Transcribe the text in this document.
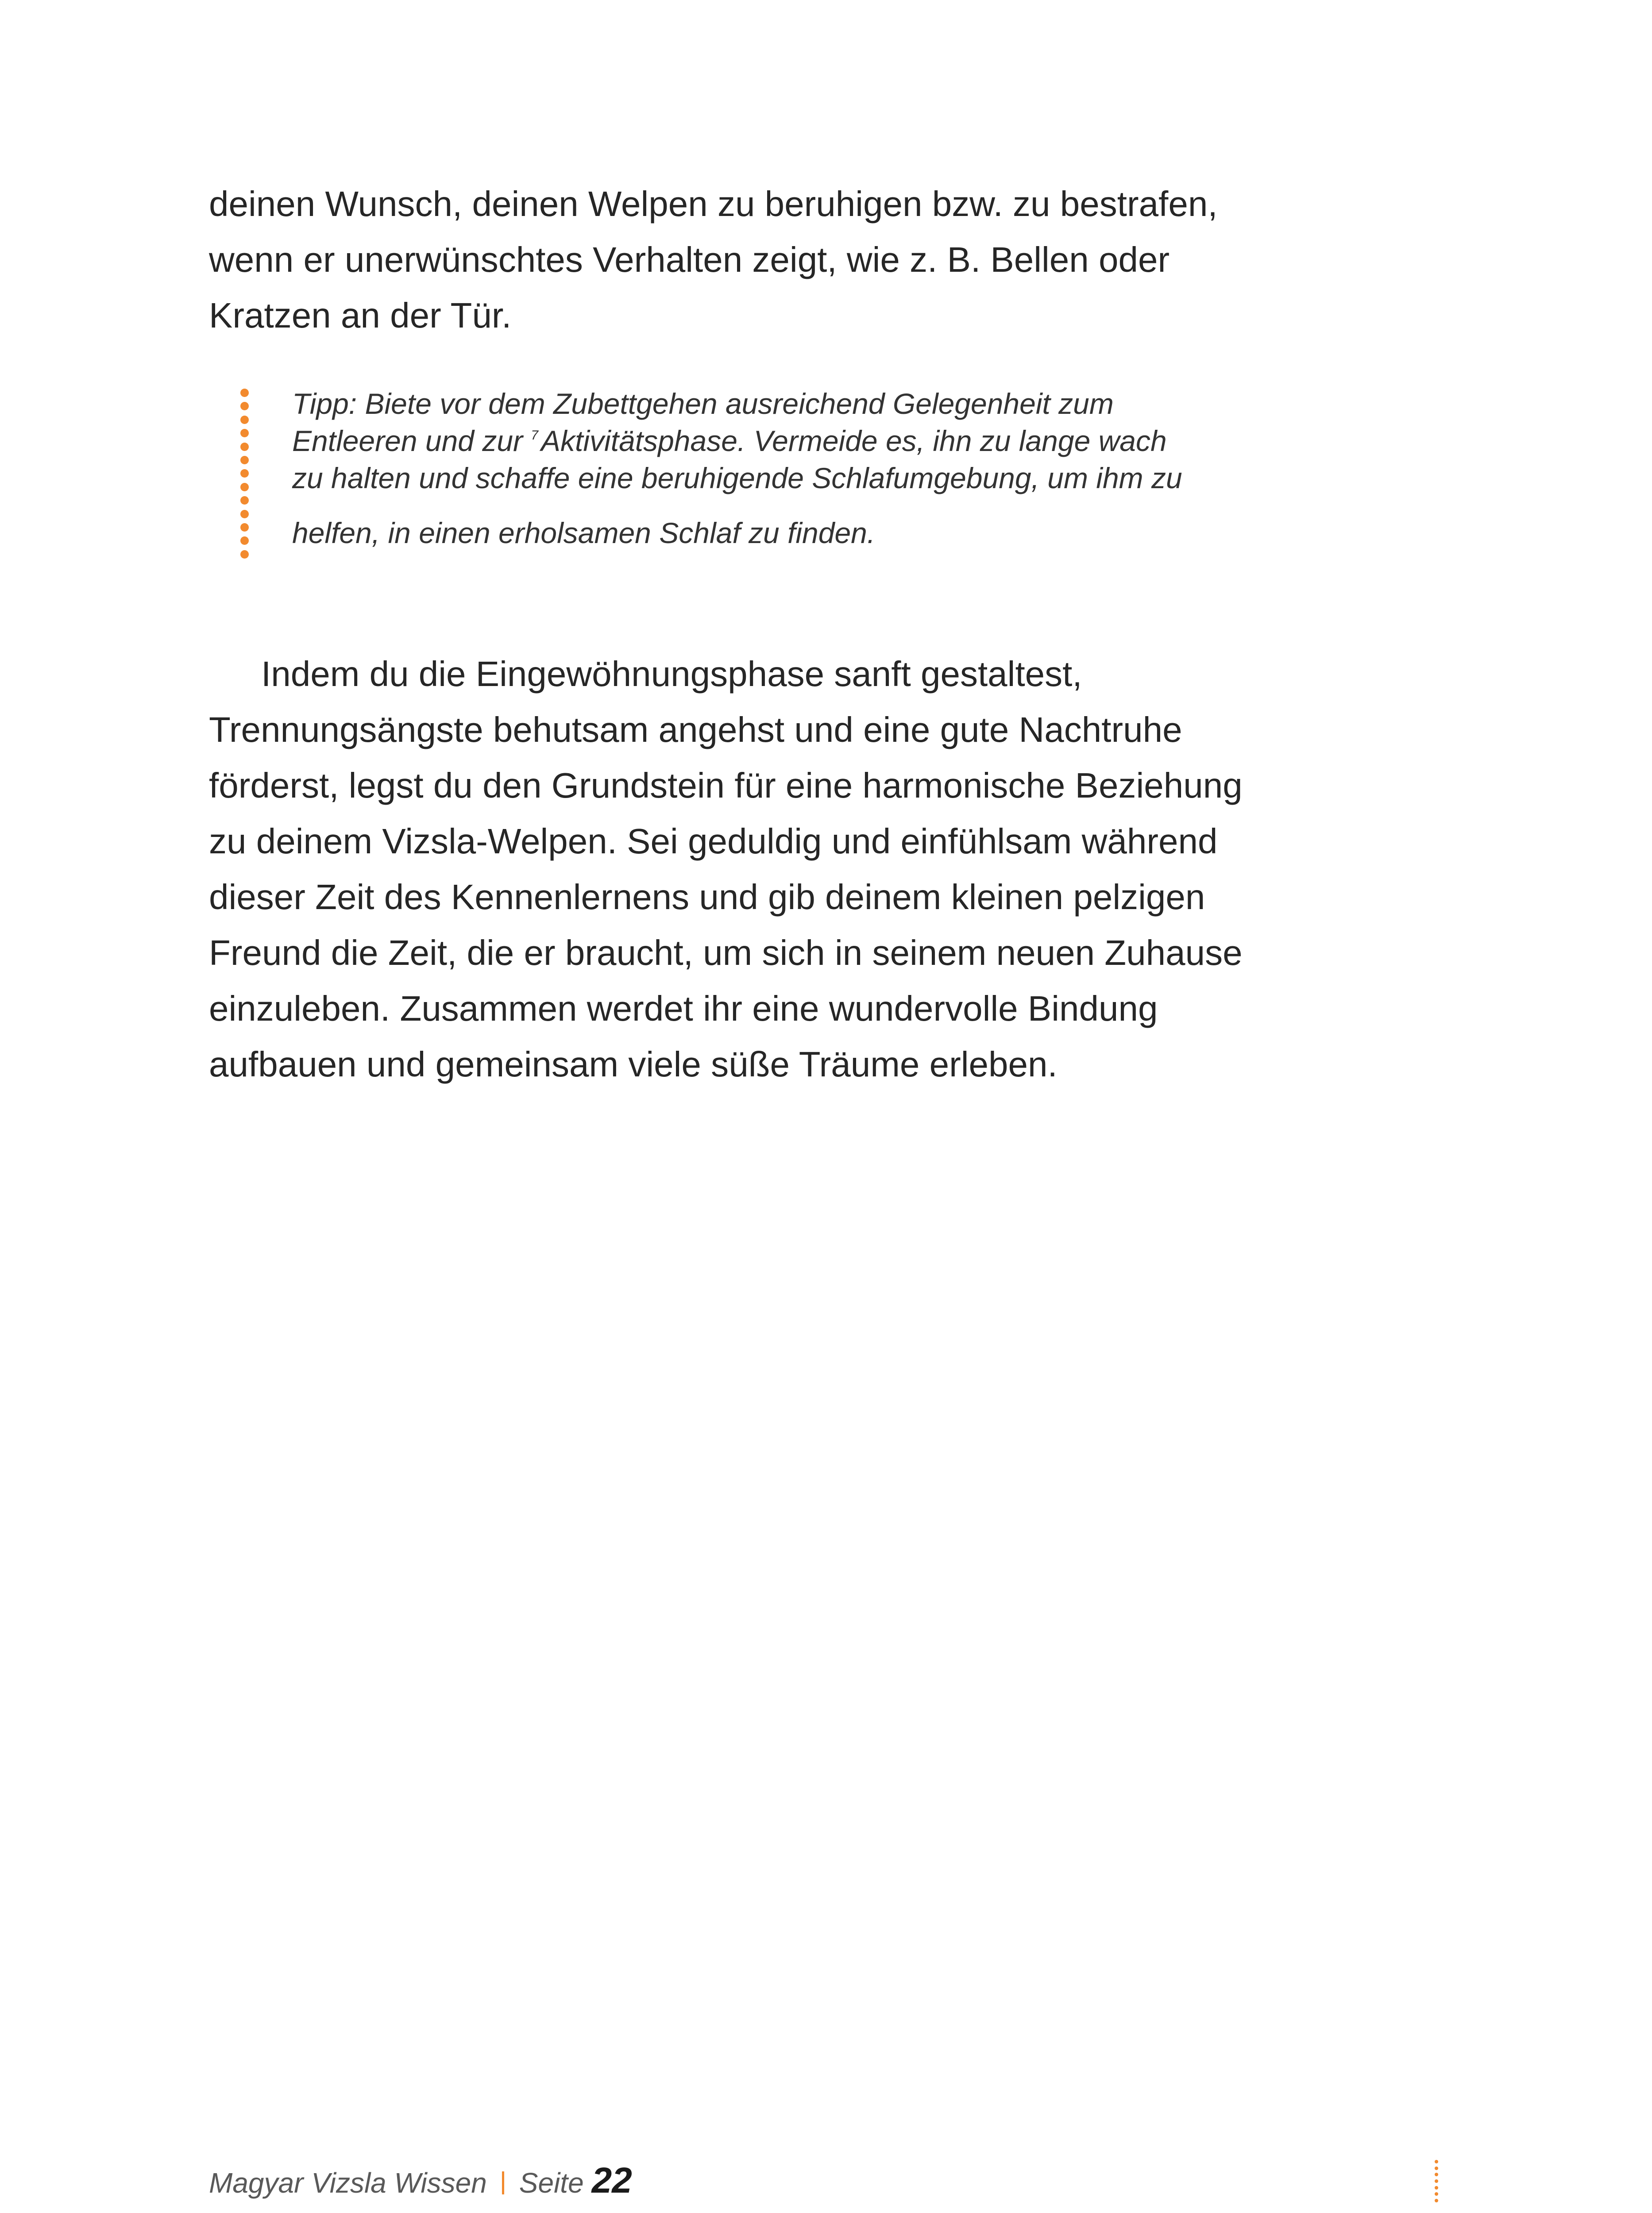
deinen Wunsch, deinen Welpen zu beruhigen bzw. zu bestrafen,
wenn er unerwünschtes Verhalten zeigt, wie z. B. Bellen oder
Kratzen an der Tür.

Tipp: Biete vor dem Zubettgehen ausreichend Gelegenheit zum
Entleeren und zur $^7$Aktivitätsphase. Vermeide es, ihn zu lange wach
zu halten und schaffe eine beruhigende Schlafumgebung, um ihm zu
helfen, in einen erholsamen Schlaf zu finden.

Indem du die Eingewöhnungsphase sanft gestaltest,
Trennungsängste behutsam angehst und eine gute Nachtruhe
förderst, legst du den Grundstein für eine harmonische Beziehung
zu deinem Vizsla-Welpen. Sei geduldig und einfühlsam während
dieser Zeit des Kennenlernens und gib deinem kleinen pelzigen
Freund die Zeit, die er braucht, um sich in seinem neuen Zuhause
einzuleben. Zusammen werdet ihr eine wundervolle Bindung
aufbauen und gemeinsam viele süße Träume erleben.

Magyar Vizsla Wissen Seite 22
